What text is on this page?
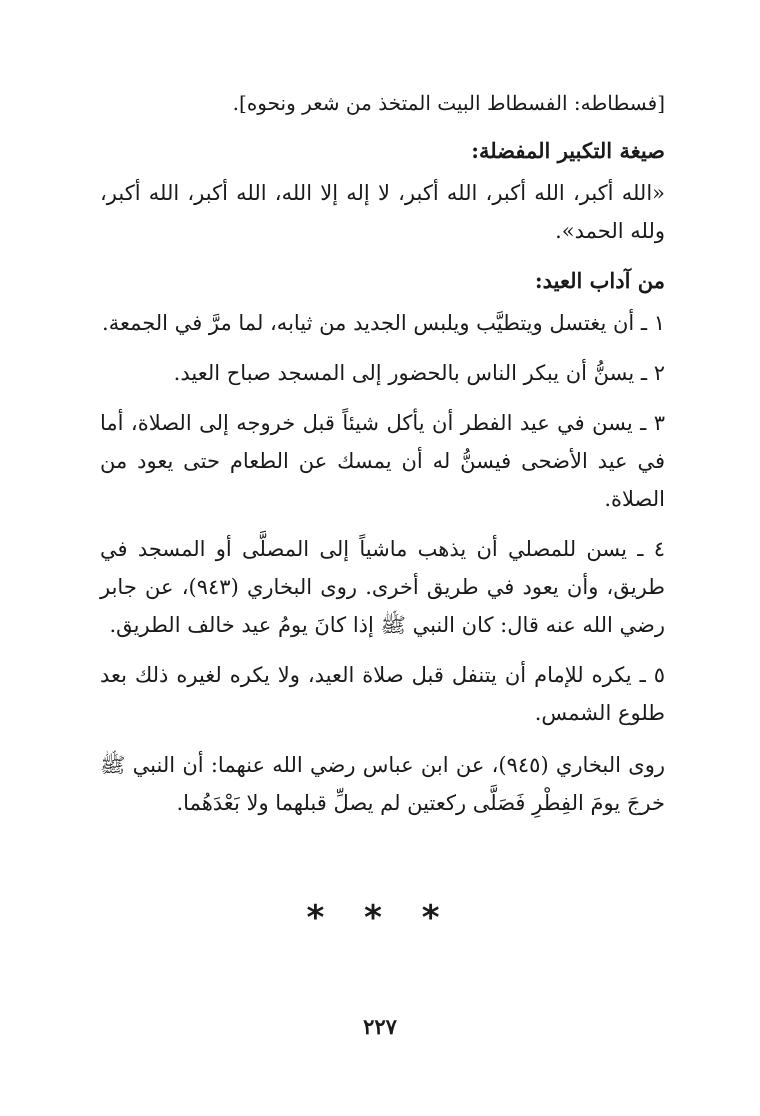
[فسطاطه: الفسطاط البيت المتخذ من شعر ونحوه].

صيغة التكبير المفضلة:

«الله أكبر، الله أكبر، الله أكبر، لا إله إلا الله، الله أكبر، الله أكبر، ولله الحمد».

من آداب العيد:

١ ـ أن يغتسل ويتطيَّب ويلبس الجديد من ثيابه، لما مرَّ في الجمعة.

٢ ـ يسنُّ أن يبكر الناس بالحضور إلى المسجد صباح العيد.

٣ ـ يسن في عيد الفطر أن يأكل شيئاً قبل خروجه إلى الصلاة، أما في عيد الأضحى فيسنُّ له أن يمسك عن الطعام حتى يعود من الصلاة.

٤ ـ يسن للمصلي أن يذهب ماشياً إلى المصلَّى أو المسجد في طريق، وأن يعود في طريق أخرى. روى البخاري (٩٤٣)، عن جابر رضي الله عنه قال: كان النبي ﷺ إذا كانَ يومُ عيد خالف الطريق.

٥ ـ يكره للإمام أن يتنفل قبل صلاة العيد، ولا يكره لغيره ذلك بعد طلوع الشمس.

روى البخاري (٩٤٥)، عن ابن عباس رضي الله عنهما: أن النبي ﷺ خرجَ يومَ الفِطْرِ فَصَلَّى ركعتين لم يصلِّ قبلهما ولا بَعْدَهُما.

* * *
٢٢٧
